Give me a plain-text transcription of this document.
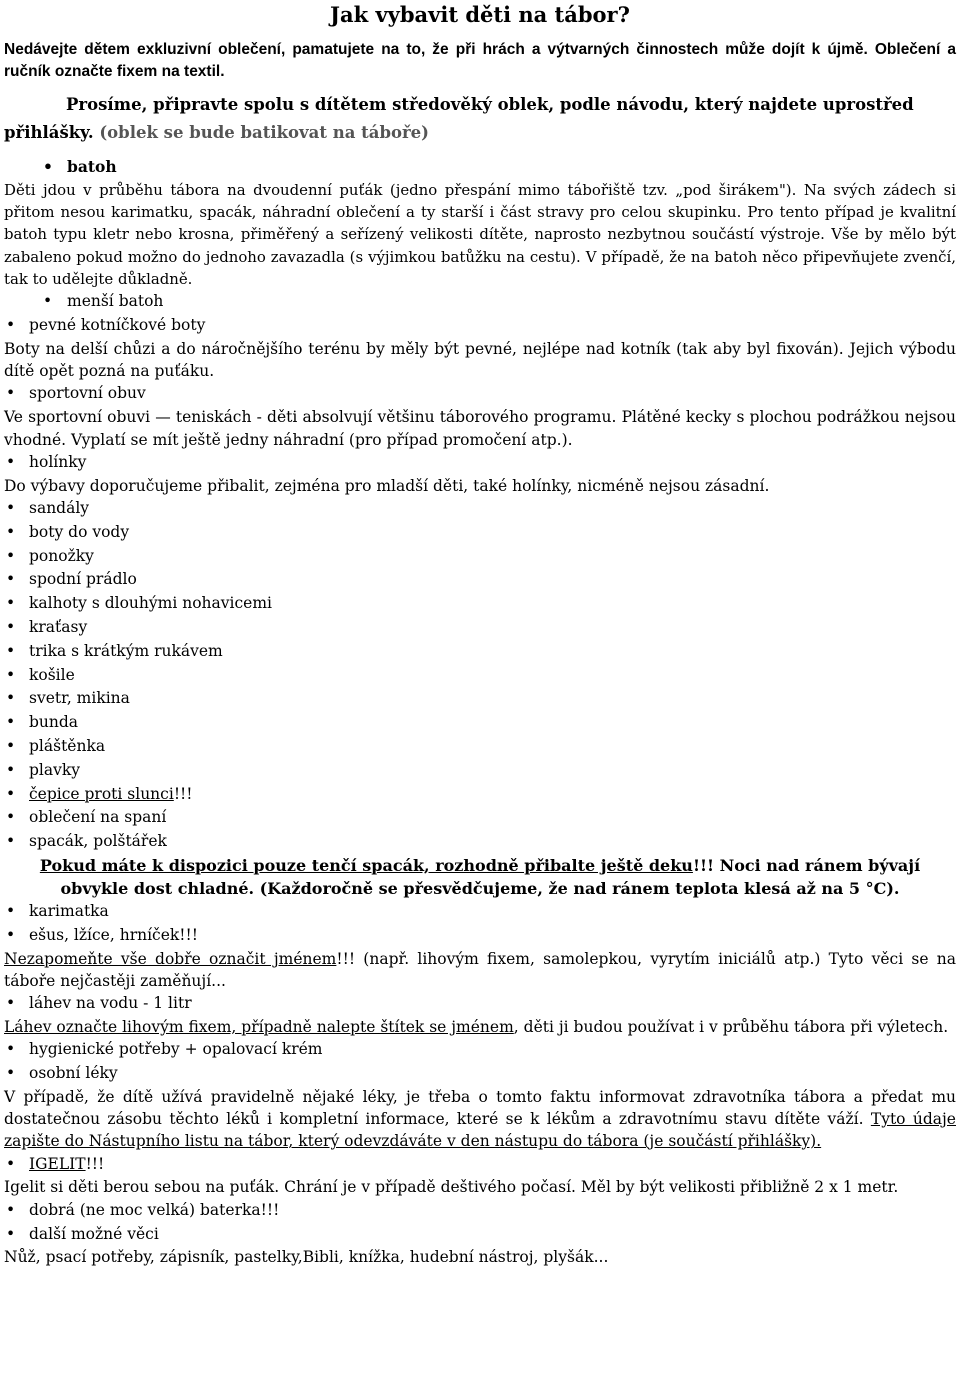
Jak vybavit děti na tábor?

Nedávejte dětem exkluzivní oblečení, pamatujete na to, že při hrách a výtvarných činnostech může dojít k újmě. Oblečení a ručník označte fixem na textil.

Prosíme, připravte spolu s dítětem středověký oblek, podle návodu, který najdete uprostřed přihlášky. (oblek se bude batikovat na táboře)

• batoh

Děti jdou v průběhu tábora na dvoudenní puťák (jedno přespání mimo tábořiště tzv. „pod širákem"). Na svých zádech si přitom nesou karimatku, spacák, náhradní oblečení a ty starší i část stravy pro celou skupinku. Pro tento případ je kvalitní batoh typu kletr nebo krosna, přiměřený a seřízený velikosti dítěte, naprosto nezbytnou součástí výstroje. Vše by mělo být zabaleno pokud možno do jednoho zavazadla (s výjimkou batůžku na cestu). V případě, že na batoh něco připevňujete zvenčí, tak to udělejte důkladně.

• menší batoh

• pevné kotníčkové boty

Boty na delší chůzi a do náročnějšího terénu by měly být pevné, nejlépe nad kotník (tak aby byl fixován). Jejich výbodu dítě opět pozná na puťáku.

• sportovní obuv

Ve sportovní obuvi — teniskách - děti absolvují většinu táborového programu. Plátěné kecky s plochou podrážkou nejsou vhodné. Vyplatí se mít ještě jedny náhradní (pro případ promočení atp.).

• holínky

Do výbavy doporučujeme přibalit, zejména pro mladší děti, také holínky, nicméně nejsou zásadní.

• sandály

• boty do vody

• ponožky

• spodní prádlo

• kalhoty s dlouhými nohavicemi

• kraťasy

• trika s krátkým rukávem

• košile

• svetr, mikina

• bunda

• pláštěnka

• plavky

• čepice proti slunci!!!

• oblečení na spaní

• spacák, polštářek

Pokud máte k dispozici pouze tenčí spacák, rozhodně přibalte ještě deku!!! Noci nad ránem bývají obvykle dost chladné. (Každoročně se přesvědčujeme, že nad ránem teplota klesá až na 5 °C).

• karimatka

• ešus, lžíce, hrníček!!!

Nezapomeňte vše dobře označit jménem!!! (např. lihovým fixem, samolepkou, vyrytím iniciálů atp.) Tyto věci se na táboře nejčastěji zaměňují...

• láhev na vodu - 1 litr

Láhev označte lihovým fixem, případně nalepte štítek se jménem, děti ji budou používat i v průběhu tábora při výletech.

• hygienické potřeby + opalovací krém

• osobní léky

V případě, že dítě užívá pravidelně nějaké léky, je třeba o tomto faktu informovat zdravotníka tábora a předat mu dostatečnou zásobu těchto léků i kompletní informace, které se k lékům a zdravotnímu stavu dítěte váží. Tyto údaje zapište do Nástupního listu na tábor, který odevzdáváte v den nástupu do tábora (je součástí přihlášky).

• IGELIT!!!

Igelit si děti berou sebou na puťák. Chrání je v případě deštivého počasí. Měl by být velikosti přibližně 2 x 1 metr.

• dobrá (ne moc velká) baterka!!!

• další možné věci

Nůž, psací potřeby, zápisník, pastelky,Bibli, knížka, hudební nástroj, plyšák...
